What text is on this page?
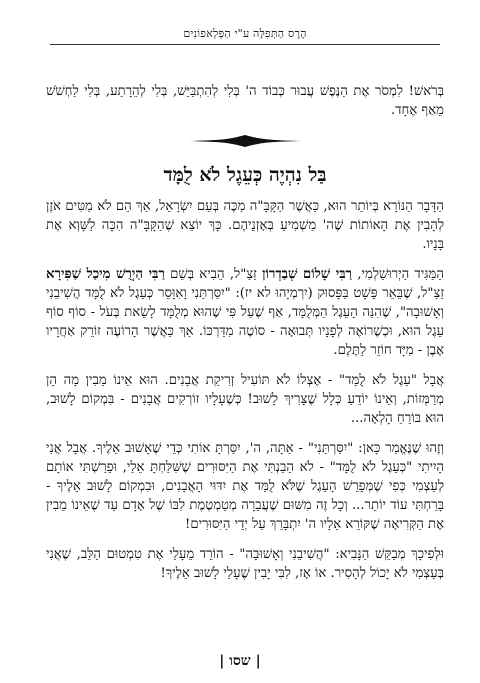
הֶרֶס הַתְּפִלָּה ע"י הַפְּלְאפוֹנִים

בְּרֹאשׁ! לִמְסֹר אֶת הַנֶּפֶשׁ עֲבוּר כְּבוֹד ה' בְּלִי לְהִתְבַּיֵּשׁ, בְּלִי לְהֵרָתַע, בְּלִי לַחְשֹׁשׁ מֵאַף אֶחָד.

בַּל נִהְיֶה כְּעֵגֶל לֹא לֻמָּד

הַדָּבָר הַנּוֹרָא בְּיוֹתֵר הוּא, כַּאֲשֶׁר הַקָּבָּ"ה מַכֶּה בְּעַם יִשְׂרָאֵל, אַךְ הֵם לֹא מַטִּים אֹזֶן לְהָבִין אֶת הָאוֹתוֹת שֶׁה' מַשְׁמִיעַ בְּאָזְנֵיהֶם. כָּךְ יוֹצֵא שֶׁהַקָּבָּ"ה הִכָּה לַשָּׁוְא אֶת בָּנָיו.

הַמַּגִּיד הַיְרוּשַׁלְמִי, רַבִּי שָׁלוֹם שְׁבַדְרוֹן זַצַ"ל, הֵבִיא בְּשֵׁם רַבִּי הַיְרֻשׁ מִיכַל שַׁפִּירָא זַצַ"ל, שֶׁבֵּאֵר פָּשָׁט בַּפָּסוּק (יִרְמְיָהוּ לא יז): "יִסַּרְתַּנִי וָאִוָּסֵר כְּעֵגֶל לֹא לֻמָּד הֲשִׁיבֵנִי וְאָשׁוּבָה", שֶׁהִנֵּה הָעֵגֶל הַמְּלֻמָּד, אַף שֶׁעַל פִּי שֶׁהוּא מְלֻמָּד לָשֵׂאת בְּעֹל - סוֹף סוֹף עֵגֶל הוּא, וּכְשֶׁרוֹאֶה לְפָנָיו תְּבוּאָה - סוֹטֶה מִדַּרְכּוֹ. אַךְ כַּאֲשֶׁר הָרוֹעֶה זוֹרֵק אַחֲרָיו אֶבֶן - מִיָּד חוֹזֵר לַתֶּלֶם.

אֲבָל "עֵגֶל לֹא לֻמָּד" - אֶצְלוֹ לֹא תּוֹעִיל זְרִיקַת אֲבָנִים. הוּא אֵינוֹ מֵבִין מָה הֵן מְרַמְּזוֹת, וְאֵינוֹ יוֹדֵעַ כְּלָל שֶׁצָּרִיךְ לָשׁוּב! כְּשֶׁעָלָיו זוֹרְקִים אֲבָנִים - בִּמְקוֹם לָשׁוּב, הוּא בּוֹרֵחַ הָלְאָה...

וְזֶהוּ שֶׁנֶּאֱמַר כָּאן: "יִסַּרְתַּנִי" - אַתָּה, ה', יִסַּרְתָּ אוֹתִי כְּדֵי שֶׁאָשׁוּב אֵלֶיךָ. אֲבָל אֲנִי הָיִיתִי "כְּעֵגֶל לֹא לֻמָּד" - לֹא הֵבַנְתִּי אֶת הַיִּסּוּרִים שֶׁשִּׁלַּחְתָּ אֵלַי, וּפֵרַשְׁתִּי אוֹתָם לְעַצְמִי כְּפִי שֶׁמְּפָרֵשׁ הָעֵגֶל שֶׁלֹּא לֻמַּד אֶת יִדּוּי הָאֲבָנִים, וּבִמְקוֹם לָשׁוּב אֵלֶיךָ - בָּרַחְתִּי עוֹד יוֹתֵר... וְכָל זֶה מִשּׁוּם שֶׁעֲבֵרָה מְטַמְטֶמֶת לִבּוֹ שֶׁל אָדָם עַד שֶׁאֵינוֹ מֵבִין אֶת הַקְּרִיאָה שֶׁקּוֹרֵא אֵלָיו ה' יִתְבָּרֵךְ עַל יְדֵי הַיִּסּוּרִים!

וּלְפִיכָךְ מְבַקֵּשׁ הַנָּבִיא: "הֲשִׁיבֵנִי וְאָשׁוּבָה" - הוֹרֵד מֵעָלַי אֶת טִמְטוּם הַלֵּב, שֶׁאֲנִי בְּעַצְמִי לֹא יָכוֹל לְהָסִיר. אוֹ אָז, לִבִּי יָבִין שֶׁעָלַי לָשׁוּב אֵלֶיךָ!

| שסו |
